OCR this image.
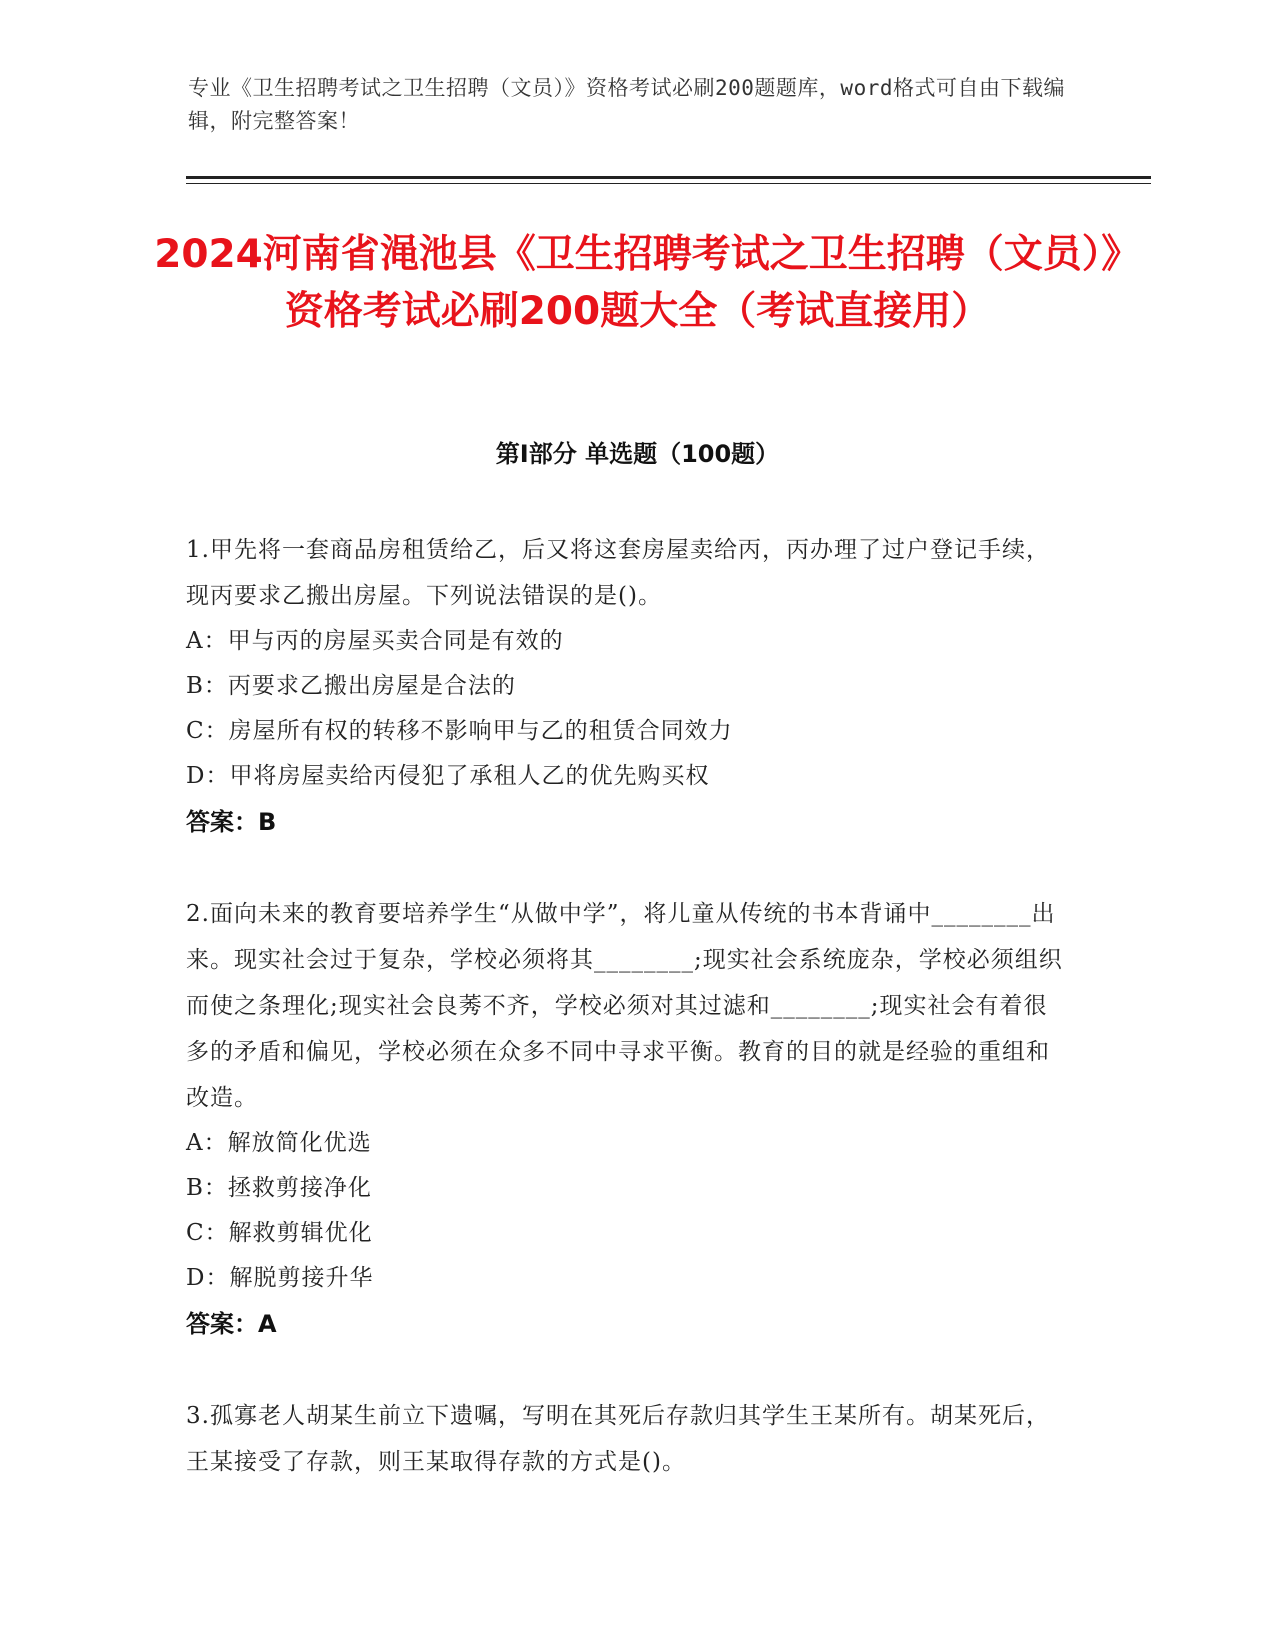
专业《卫生招聘考试之卫生招聘（文员）》资格考试必刷200题题库，word格式可自由下载编辑，附完整答案！
2024河南省渑池县《卫生招聘考试之卫生招聘（文员）》资格考试必刷200题大全（考试直接用）
第Ⅰ部分 单选题（100题）

1.甲先将一套商品房租赁给乙，后又将这套房屋卖给丙，丙办理了过户登记手续，现丙要求乙搬出房屋。下列说法错误的是()。

A：甲与丙的房屋买卖合同是有效的
B：丙要求乙搬出房屋是合法的
C：房屋所有权的转移不影响甲与乙的租赁合同效力
D：甲将房屋卖给丙侵犯了承租人乙的优先购买权
答案：B

2.面向未来的教育要培养学生“从做中学”，将儿童从传统的书本背诵中________出来。现实社会过于复杂，学校必须将其________;现实社会系统庞杂，学校必须组织而使之条理化;现实社会良莠不齐，学校必须对其过滤和________;现实社会有着很多的矛盾和偏见，学校必须在众多不同中寻求平衡。教育的目的就是经验的重组和改造。

A：解放简化优选
B：拯救剪接净化
C：解救剪辑优化
D：解脱剪接升华
答案：A

3.孤寡老人胡某生前立下遗嘱，写明在其死后存款归其学生王某所有。胡某死后，王某接受了存款，则王某取得存款的方式是()。
